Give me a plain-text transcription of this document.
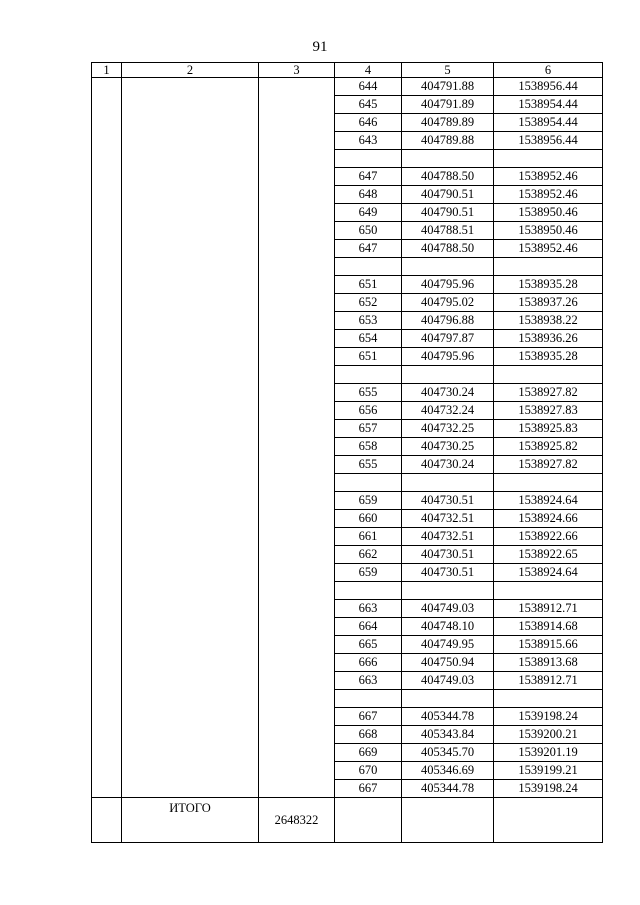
91
1	2	3	4	5	6
			644	404791.88	1538956.44
			645	404791.89	1538954.44
			646	404789.89	1538954.44
			643	404789.88	1538956.44

			647	404788.50	1538952.46
			648	404790.51	1538952.46
			649	404790.51	1538950.46
			650	404788.51	1538950.46
			647	404788.50	1538952.46

			651	404795.96	1538935.28
			652	404795.02	1538937.26
			653	404796.88	1538938.22
			654	404797.87	1538936.26
			651	404795.96	1538935.28

			655	404730.24	1538927.82
			656	404732.24	1538927.83
			657	404732.25	1538925.83
			658	404730.25	1538925.82
			655	404730.24	1538927.82

			659	404730.51	1538924.64
			660	404732.51	1538924.66
			661	404732.51	1538922.66
			662	404730.51	1538922.65
			659	404730.51	1538924.64

			663	404749.03	1538912.71
			664	404748.10	1538914.68
			665	404749.95	1538915.66
			666	404750.94	1538913.68
			663	404749.03	1538912.71

			667	405344.78	1539198.24
			668	405343.84	1539200.21
			669	405345.70	1539201.19
			670	405346.69	1539199.21
			667	405344.78	1539198.24

	ИТОГО	2648322			
